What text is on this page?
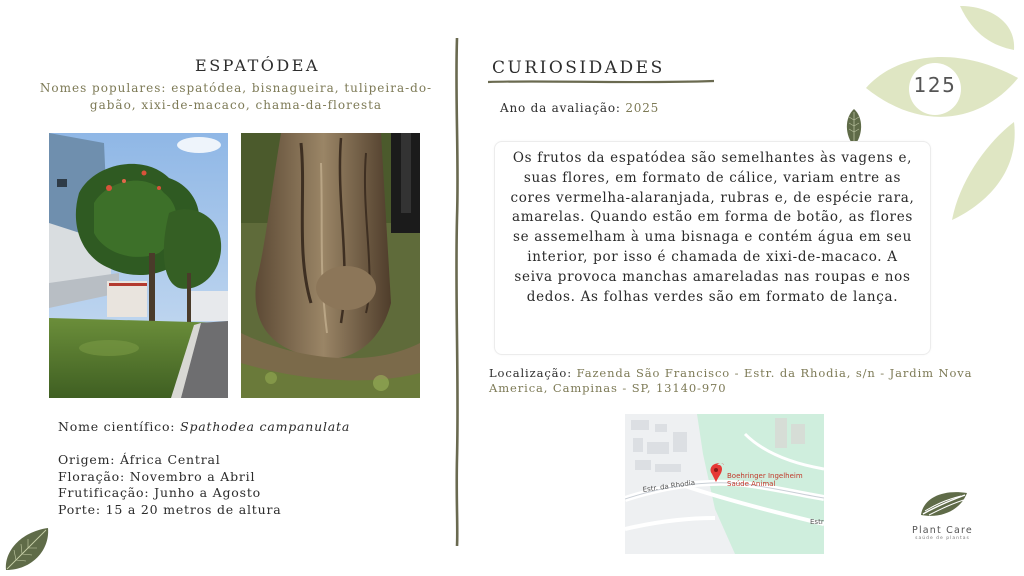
125
ESPATÓDEA
Nomes populares: espatódea, bisnagueira, tulipeira-do-gabão, xixi-de-macaco, chama-da-floresta
Nome científico: Spathodea campanulata
Origem: África Central
Floração: Novembro a Abril
Frutificação: Junho a Agosto
Porte: 15 a 20 metros de altura
CURIOSIDADES
Ano da avaliação: 2025
Os frutos da espatódea são semelhantes às vagens e, suas flores, em formato de cálice, variam entre as cores vermelha-alaranjada, rubras e, de espécie rara, amarelas. Quando estão em forma de botão, as flores se assemelham à uma bisnaga e contém água em seu interior, por isso é chamada de xixi-de-macaco. A seiva provoca manchas amareladas nas roupas e nos dedos. As folhas verdes são em formato de lança.
Localização: Fazenda São Francisco - Estr. da Rhodia, s/n - Jardim Nova America, Campinas - SP, 13140-970
Estr. da Rhodia
Estr
Boehringer Ingelheim
Saúde Animal
Plant Care
saúde de plantas
